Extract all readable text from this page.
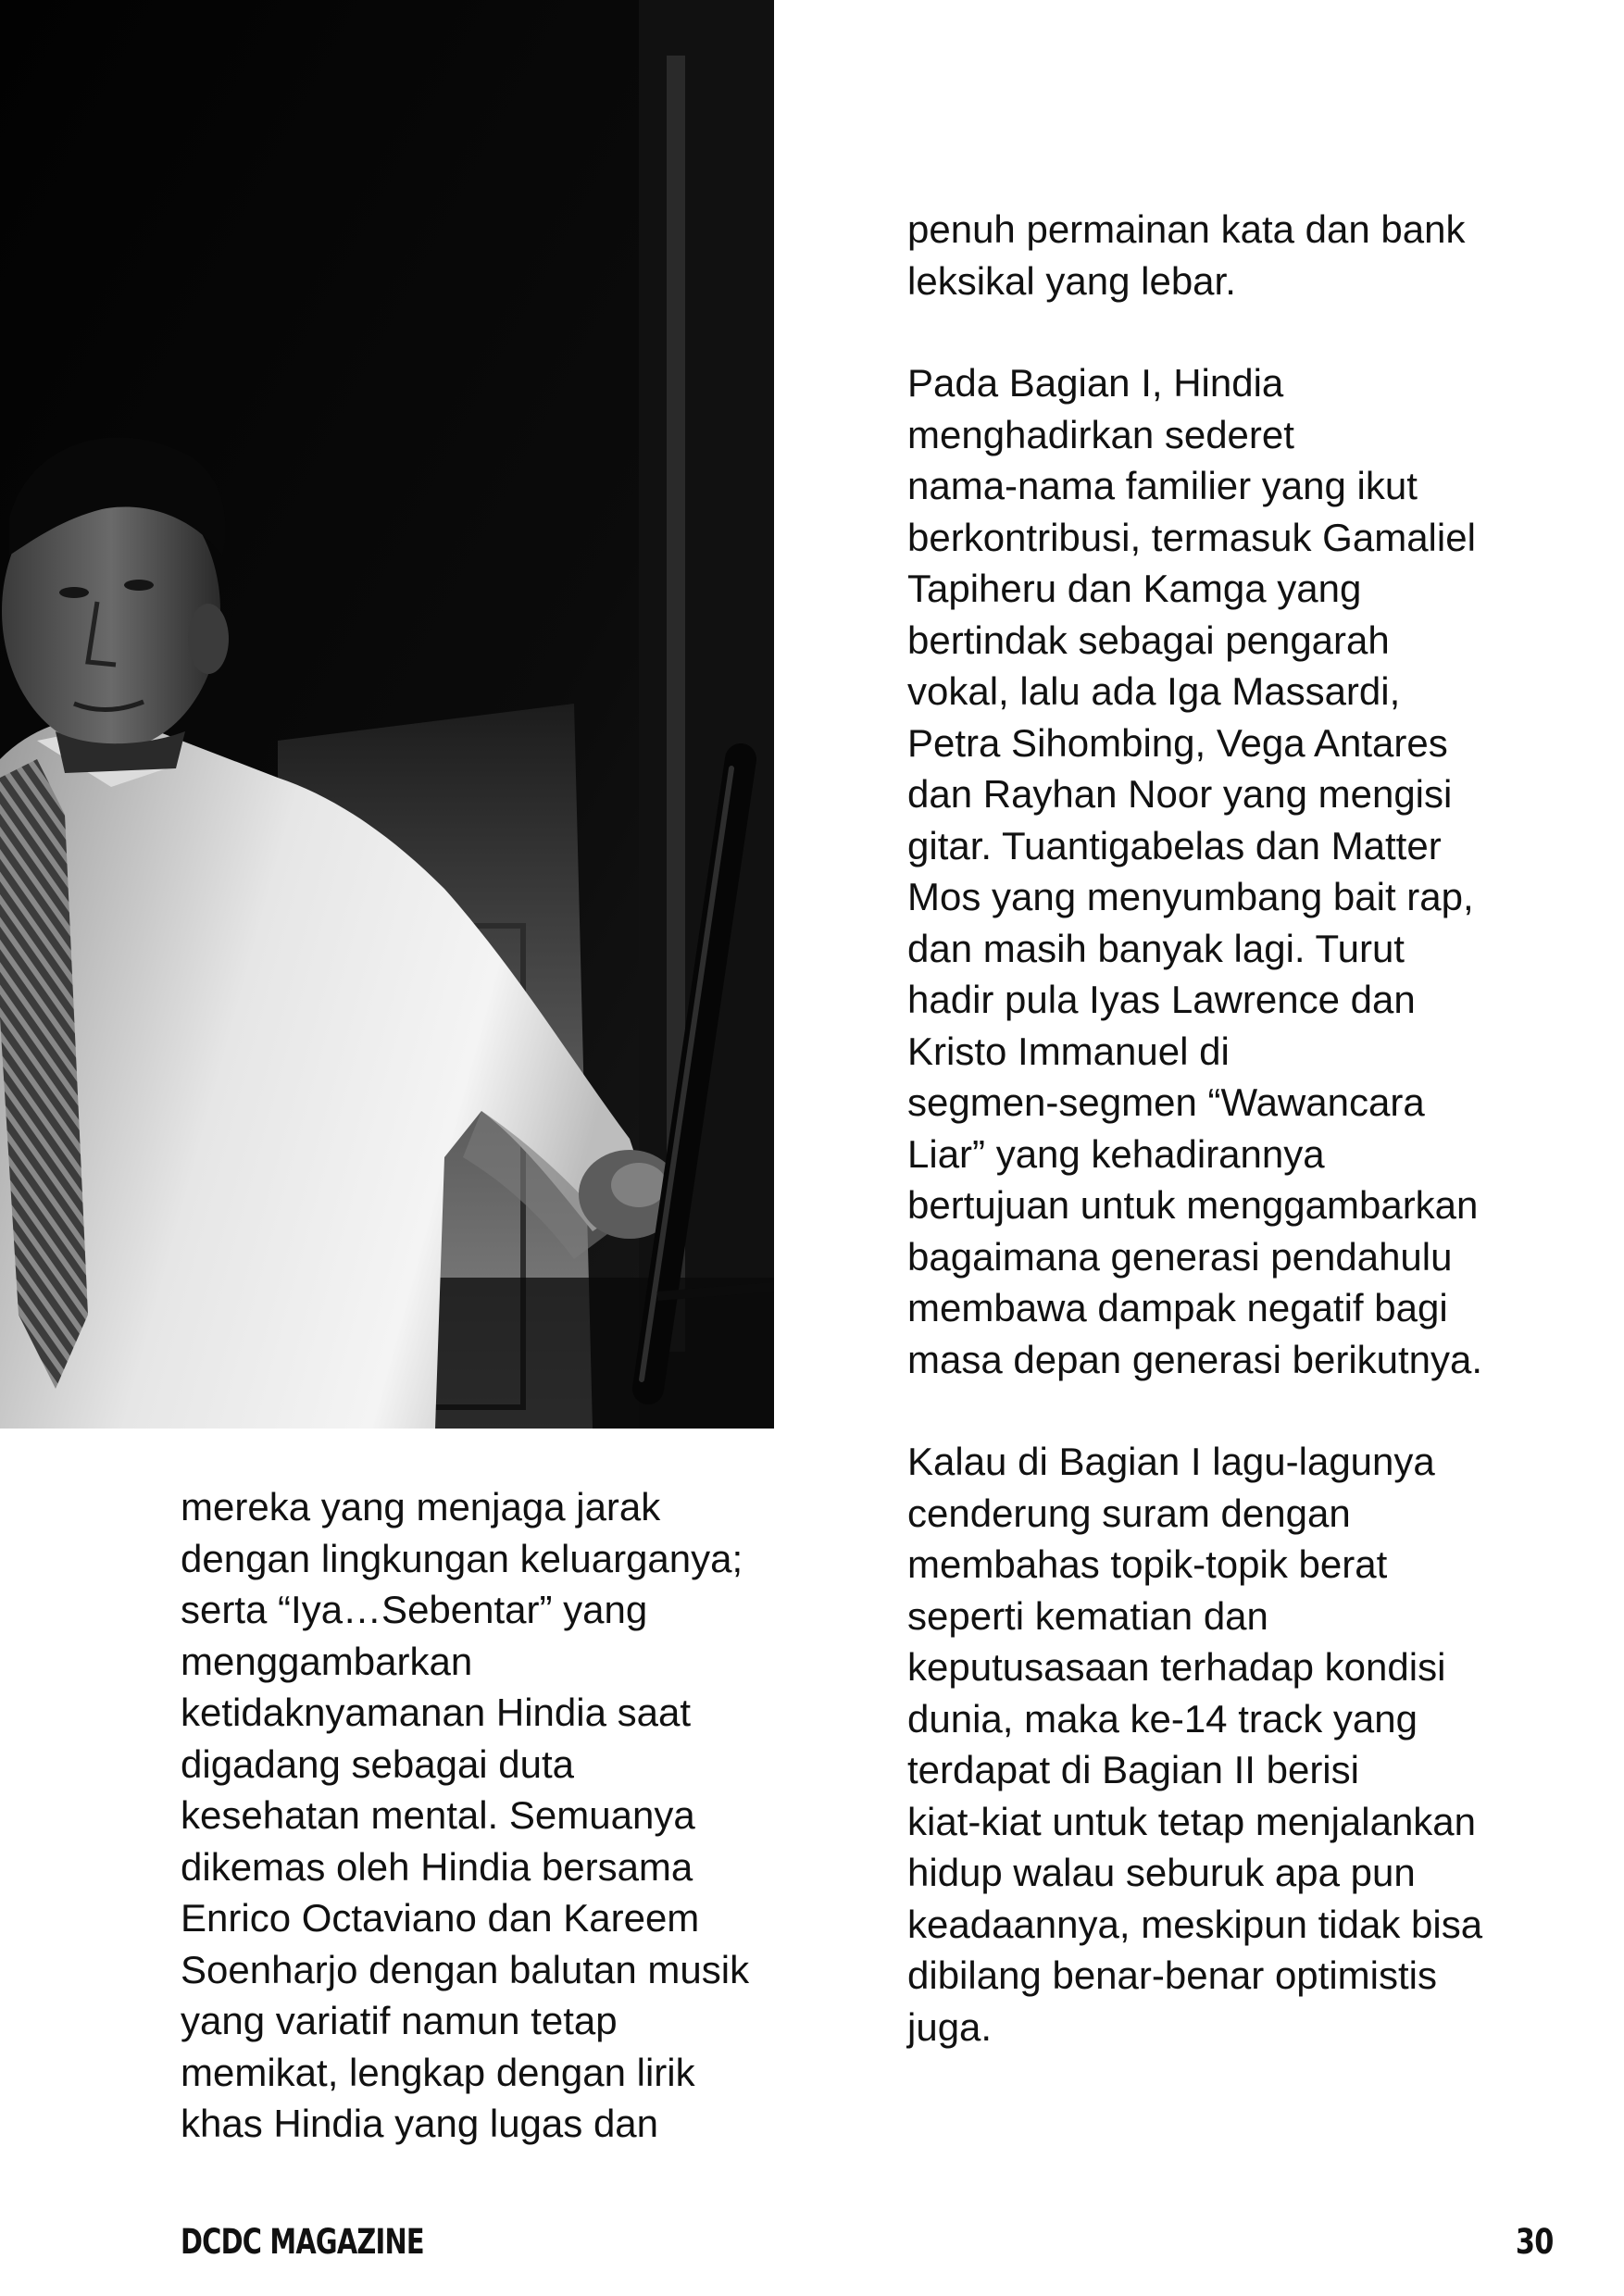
penuh permainan kata dan bank
leksikal yang lebar.

Pada Bagian I, Hindia
menghadirkan sederet
nama-nama familier yang ikut
berkontribusi, termasuk Gamaliel
Tapiheru dan Kamga yang
bertindak sebagai pengarah
vokal, lalu ada Iga Massardi,
Petra Sihombing, Vega Antares
dan Rayhan Noor yang mengisi
gitar. Tuantigabelas dan Matter
Mos yang menyumbang bait rap,
dan masih banyak lagi. Turut
hadir pula Iyas Lawrence dan
Kristo Immanuel di
segmen-segmen “Wawancara
Liar” yang kehadirannya
bertujuan untuk menggambarkan
bagaimana generasi pendahulu
membawa dampak negatif bagi
masa depan generasi berikutnya.

Kalau di Bagian I lagu-lagunya
cenderung suram dengan
membahas topik-topik berat
seperti kematian dan
keputusasaan terhadap kondisi
dunia, maka ke-14 track yang
terdapat di Bagian II berisi
kiat-kiat untuk tetap menjalankan
hidup walau seburuk apa pun
keadaannya, meskipun tidak bisa
dibilang benar-benar optimistis
juga.

mereka yang menjaga jarak
dengan lingkungan keluarganya;
serta “Iya…Sebentar” yang
menggambarkan
ketidaknyamanan Hindia saat
digadang sebagai duta
kesehatan mental. Semuanya
dikemas oleh Hindia bersama
Enrico Octaviano dan Kareem
Soenharjo dengan balutan musik
yang variatif namun tetap
memikat, lengkap dengan lirik
khas Hindia yang lugas dan

DCDC MAGAZINE	30
